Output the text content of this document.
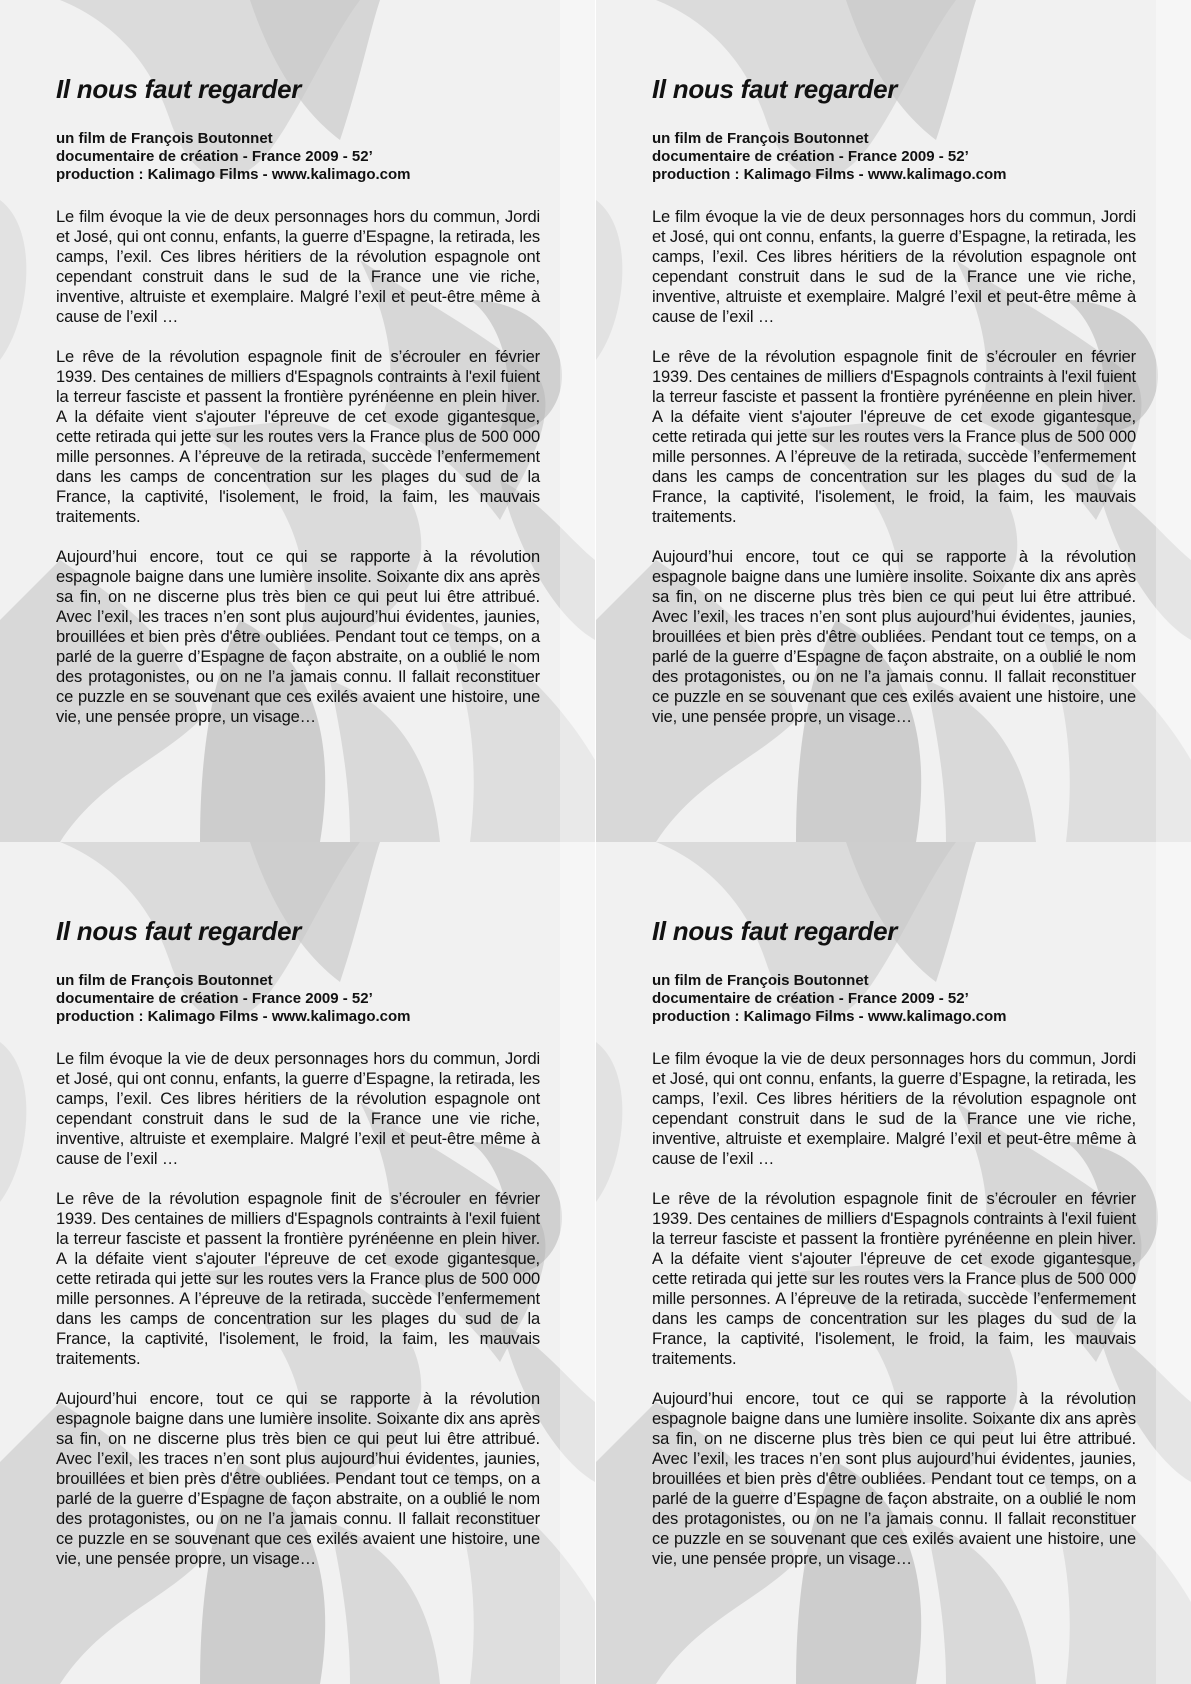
Il nous faut regarder
un film de François Boutonnet
documentaire de création - France 2009 - 52’
production : Kalimago Films - www.kalimago.com

Le film évoque la vie de deux personnages hors du commun, Jordi et José, qui ont connu, enfants, la guerre d’Espagne, la retirada, les camps, l’exil. Ces libres héritiers de la révolution espagnole ont cependant construit dans le sud de la France une vie riche, inventive, altruiste et exemplaire. Malgré l’exil et peut-être même à cause de l’exil …

Le rêve de la révolution espagnole finit de s’écrouler en février 1939. Des centaines de milliers d'Espagnols contraints à l'exil fuient la terreur fasciste et passent la frontière pyrénéenne en plein hiver. A la défaite vient s'ajouter l'épreuve de cet exode gigantesque, cette retirada qui jette sur les routes vers la France plus de 500 000 mille personnes. A l’épreuve de la retirada, succède l’enfermement dans les camps de concentration sur les plages du sud de la France, la captivité, l'isolement, le froid, la faim, les mauvais traitements.

Aujourd’hui encore, tout ce qui se rapporte à la révolution espagnole baigne dans une lumière insolite. Soixante dix ans après sa fin, on ne discerne plus très bien ce qui peut lui être attribué. Avec l’exil, les traces n’en sont plus aujourd’hui évidentes, jaunies, brouillées et bien près d'être oubliées. Pendant tout ce temps, on a parlé de la guerre d’Espagne de façon abstraite, on a oublié le nom des protagonistes, ou on ne l’a jamais connu. Il fallait reconstituer ce puzzle en se souvenant que ces exilés avaient une histoire, une vie, une pensée propre, un visage…

Il nous faut regarder
un film de François Boutonnet
documentaire de création - France 2009 - 52’
production : Kalimago Films - www.kalimago.com

Le film évoque la vie de deux personnages hors du commun, Jordi et José, qui ont connu, enfants, la guerre d’Espagne, la retirada, les camps, l’exil. Ces libres héritiers de la révolution espagnole ont cependant construit dans le sud de la France une vie riche, inventive, altruiste et exemplaire. Malgré l’exil et peut-être même à cause de l’exil …

Le rêve de la révolution espagnole finit de s’écrouler en février 1939. Des centaines de milliers d'Espagnols contraints à l'exil fuient la terreur fasciste et passent la frontière pyrénéenne en plein hiver. A la défaite vient s'ajouter l'épreuve de cet exode gigantesque, cette retirada qui jette sur les routes vers la France plus de 500 000 mille personnes. A l’épreuve de la retirada, succède l’enfermement dans les camps de concentration sur les plages du sud de la France, la captivité, l'isolement, le froid, la faim, les mauvais traitements.

Aujourd’hui encore, tout ce qui se rapporte à la révolution espagnole baigne dans une lumière insolite. Soixante dix ans après sa fin, on ne discerne plus très bien ce qui peut lui être attribué. Avec l’exil, les traces n’en sont plus aujourd’hui évidentes, jaunies, brouillées et bien près d'être oubliées. Pendant tout ce temps, on a parlé de la guerre d’Espagne de façon abstraite, on a oublié le nom des protagonistes, ou on ne l’a jamais connu. Il fallait reconstituer ce puzzle en se souvenant que ces exilés avaient une histoire, une vie, une pensée propre, un visage…

Il nous faut regarder
un film de François Boutonnet
documentaire de création - France 2009 - 52’
production : Kalimago Films - www.kalimago.com

Le film évoque la vie de deux personnages hors du commun, Jordi et José, qui ont connu, enfants, la guerre d’Espagne, la retirada, les camps, l’exil. Ces libres héritiers de la révolution espagnole ont cependant construit dans le sud de la France une vie riche, inventive, altruiste et exemplaire. Malgré l’exil et peut-être même à cause de l’exil …

Le rêve de la révolution espagnole finit de s’écrouler en février 1939. Des centaines de milliers d'Espagnols contraints à l'exil fuient la terreur fasciste et passent la frontière pyrénéenne en plein hiver. A la défaite vient s'ajouter l'épreuve de cet exode gigantesque, cette retirada qui jette sur les routes vers la France plus de 500 000 mille personnes. A l’épreuve de la retirada, succède l’enfermement dans les camps de concentration sur les plages du sud de la France, la captivité, l'isolement, le froid, la faim, les mauvais traitements.

Aujourd’hui encore, tout ce qui se rapporte à la révolution espagnole baigne dans une lumière insolite. Soixante dix ans après sa fin, on ne discerne plus très bien ce qui peut lui être attribué. Avec l’exil, les traces n’en sont plus aujourd’hui évidentes, jaunies, brouillées et bien près d'être oubliées. Pendant tout ce temps, on a parlé de la guerre d’Espagne de façon abstraite, on a oublié le nom des protagonistes, ou on ne l’a jamais connu. Il fallait reconstituer ce puzzle en se souvenant que ces exilés avaient une histoire, une vie, une pensée propre, un visage…

Il nous faut regarder
un film de François Boutonnet
documentaire de création - France 2009 - 52’
production : Kalimago Films - www.kalimago.com

Le film évoque la vie de deux personnages hors du commun, Jordi et José, qui ont connu, enfants, la guerre d’Espagne, la retirada, les camps, l’exil. Ces libres héritiers de la révolution espagnole ont cependant construit dans le sud de la France une vie riche, inventive, altruiste et exemplaire. Malgré l’exil et peut-être même à cause de l’exil …

Le rêve de la révolution espagnole finit de s’écrouler en février 1939. Des centaines de milliers d'Espagnols contraints à l'exil fuient la terreur fasciste et passent la frontière pyrénéenne en plein hiver. A la défaite vient s'ajouter l'épreuve de cet exode gigantesque, cette retirada qui jette sur les routes vers la France plus de 500 000 mille personnes. A l’épreuve de la retirada, succède l’enfermement dans les camps de concentration sur les plages du sud de la France, la captivité, l'isolement, le froid, la faim, les mauvais traitements.

Aujourd’hui encore, tout ce qui se rapporte à la révolution espagnole baigne dans une lumière insolite. Soixante dix ans après sa fin, on ne discerne plus très bien ce qui peut lui être attribué. Avec l’exil, les traces n’en sont plus aujourd’hui évidentes, jaunies, brouillées et bien près d'être oubliées. Pendant tout ce temps, on a parlé de la guerre d’Espagne de façon abstraite, on a oublié le nom des protagonistes, ou on ne l’a jamais connu. Il fallait reconstituer ce puzzle en se souvenant que ces exilés avaient une histoire, une vie, une pensée propre, un visage…
